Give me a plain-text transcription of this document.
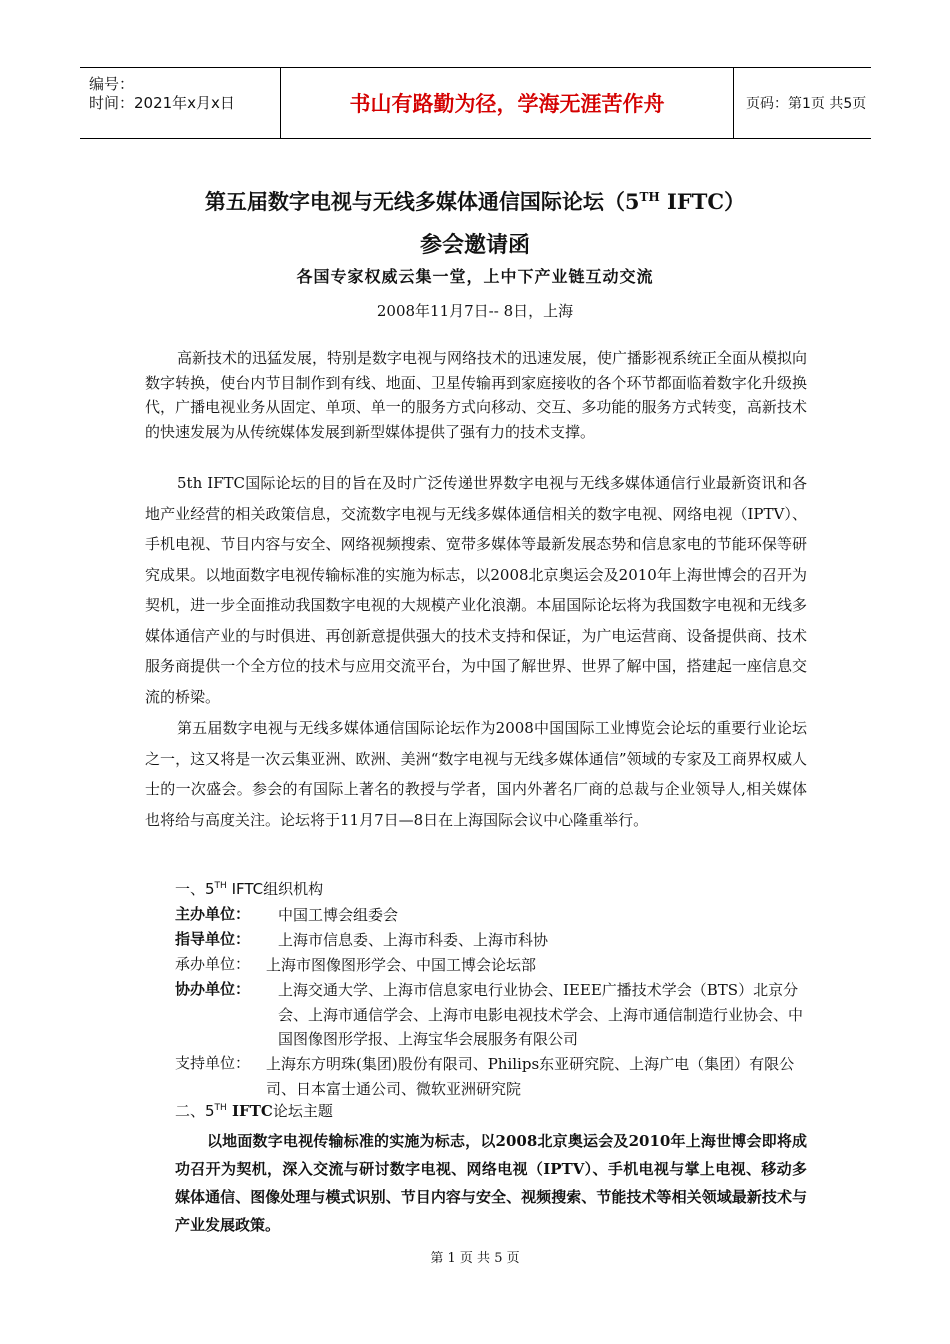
编号：
时间：2021年x月x日	书山有路勤为径，学海无涯苦作舟	页码：第1页 共5页
第五届数字电视与无线多媒体通信国际论坛（5TH IFTC）
参会邀请函
各国专家权威云集一堂，上中下产业链互动交流
2008年11月7日-- 8日，上海

高新技术的迅猛发展，特别是数字电视与网络技术的迅速发展，使广播影视系统正全面从模拟向数字转换，使台内节目制作到有线、地面、卫星传输再到家庭接收的各个环节都面临着数字化升级换代，广播电视业务从固定、单项、单一的服务方式向移动、交互、多功能的服务方式转变，高新技术的快速发展为从传统媒体发展到新型媒体提供了强有力的技术支撑。

5th IFTC国际论坛的目的旨在及时广泛传递世界数字电视与无线多媒体通信行业最新资讯和各地产业经营的相关政策信息，交流数字电视与无线多媒体通信相关的数字电视、网络电视（IPTV）、手机电视、节目内容与安全、网络视频搜索、宽带多媒体等最新发展态势和信息家电的节能环保等研究成果。以地面数字电视传输标准的实施为标志，以2008北京奥运会及2010年上海世博会的召开为契机，进一步全面推动我国数字电视的大规模产业化浪潮。本届国际论坛将为我国数字电视和无线多媒体通信产业的与时俱进、再创新意提供强大的技术支持和保证，为广电运营商、设备提供商、技术服务商提供一个全方位的技术与应用交流平台，为中国了解世界、世界了解中国，搭建起一座信息交流的桥梁。

第五届数字电视与无线多媒体通信国际论坛作为2008中国国际工业博览会论坛的重要行业论坛之一，这又将是一次云集亚洲、欧洲、美洲“数字电视与无线多媒体通信”领域的专家及工商界权威人士的一次盛会。参会的有国际上著名的教授与学者，国内外著名厂商的总裁与企业领导人,相关媒体也将给与高度关注。论坛将于11月7日—8日在上海国际会议中心隆重举行。

一、5TH IFTC组织机构
主办单位： 中国工博会组委会
指导单位： 上海市信息委、上海市科委、上海市科协
承办单位： 上海市图像图形学会、中国工博会论坛部
协办单位： 上海交通大学、上海市信息家电行业协会、IEEE广播技术学会（BTS）北京分会、上海市通信学会、上海市电影电视技术学会、上海市通信制造行业协会、中国图像图形学报、上海宝华会展服务有限公司
支持单位： 上海东方明珠(集团)股份有限司、Philips东亚研究院、上海广电（集团）有限公司、日本富士通公司、微软亚洲研究院
二、5TH IFTC论坛主题

以地面数字电视传输标准的实施为标志，以2008北京奥运会及2010年上海世博会即将成功召开为契机，深入交流与研讨数字电视、网络电视（IPTV）、手机电视与掌上电视、移动多媒体通信、图像处理与模式识别、节目内容与安全、视频搜索、节能技术等相关领域最新技术与产业发展政策。

第 1 页 共 5 页
